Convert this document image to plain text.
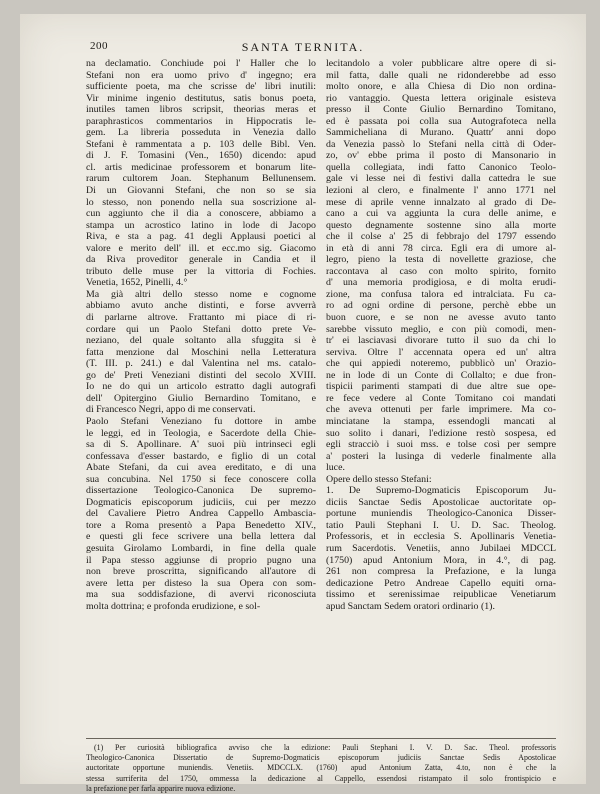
200	SANTA TERNITA.
na declamatio. Conchiude poi l' Haller che lo
Stefani non era uomo privo d' ingegno; era
sufficiente poeta, ma che scrisse de' libri inutili:
Vir minime ingenio destitutus, satis bonus poeta,
inutiles tamen libros scripsit, theorias meras et
paraphrasticos commentarios in Hippocratis le-
gem. La libreria posseduta in Venezia dallo
Stefani è rammentata a p. 103 delle Bibl. Ven.
di J. F. Tomasini (Ven., 1650) dicendo: apud
cl. artis medicinae professorem et bonarum lite-
rarum cultorem Joan. Stephanum Bellunensem.
Di un Giovanni Stefani, che non so se sia
lo stesso, non ponendo nella sua soscrizione al-
cun aggiunto che il dia a conoscere, abbiamo a
stampa un acrostico latino in lode di Jacopo
Riva, e sta a pag. 41 degli Applausi poetici al
valore e merito dell' ill. et ecc.mo sig. Giacomo
da Riva proveditor generale in Candia et il
tributo delle muse per la vittoria di Fochies.
Venetia, 1652, Pinelli, 4.°
Ma già altri dello stesso nome e cognome
abbiamo avuto anche distinti, e forse avverrà
di parlarne altrove. Frattanto mi piace di ri-
cordare qui un Paolo Stefani dotto prete Ve-
neziano, del quale soltanto alla sfuggita si è
fatta menzione dal Moschini nella Letteratura
(T. III. p. 241.) e dal Valentina nel ms. catalo-
go de' Preti Veneziani distinti del secolo XVIII.
Io ne do qui un articolo estratto dagli autografi
dell' Opitergino Giulio Bernardino Tomitano, e
di Francesco Negri, appo di me conservati.
Paolo Stefani Veneziano fu dottore in ambe
le leggi, ed in Teologia, e Sacerdote della Chie-
sa di S. Apollinare. A' suoi più intrinseci egli
confessava d'esser bastardo, e figlio di un cotal
Abate Stefani, da cui avea ereditato, e di una
sua concubina. Nel 1750 si fece conoscere colla
dissertazione Teologico-Canonica De supremo-
Dogmaticis episcoporum judiciis, cui per mezzo
del Cavaliere Pietro Andrea Cappello Ambascia-
tore a Roma presentò a Papa Benedetto XIV.,
e questi gli fece scrivere una bella lettera dal
gesuita Girolamo Lombardi, in fine della quale
il Papa stesso aggiunse di proprio pugno una
non breve proscritta, significando all'autore di
avere letta per disteso la sua Opera con som-
ma sua soddisfazione, di avervi riconosciuta
molta dottrina; e profonda erudizione, e sol-
lecitandolo a voler pubblicare altre opere di si-
mil fatta, dalle quali ne ridonderebbe ad esso
molto onore, e alla Chiesa di Dio non ordina-
rio vantaggio. Questa lettera originale esisteva
presso il Conte Giulio Bernardino Tomitano,
ed è passata poi colla sua Autografoteca nella
Sammicheliana di Murano. Quattr' anni dopo
da Venezia passò lo Stefani nella città di Oder-
zo, ov' ebbe prima il posto di Mansonario in
quella collegiata, indi fatto Canonico Teolo-
gale vi lesse nei dì festivi dalla cattedra le sue
lezioni al clero, e finalmente l' anno 1771 nel
mese di aprile venne innalzato al grado di De-
cano a cui va aggiunta la cura delle anime, e
questo degnamente sostenne sino alla morte
che il colse a' 25 di febbrajo del 1797 essendo
in età di anni 78 circa. Egli era di umore al-
legro, pieno la testa di novellette graziose, che
raccontava al caso con molto spirito, fornito
d' una memoria prodigiosa, e di molta erudi-
zione, ma confusa talora ed intralciata. Fu ca-
ro ad ogni ordine di persone, perchè ebbe un
buon cuore, e se non ne avesse avuto tanto
sarebbe vissuto meglio, e con più comodi, men-
tr' ei lasciavasi divorare tutto il suo da chi lo
serviva. Oltre l' accennata opera ed un' altra
che qui appiedi noteremo, pubblicò un' Orazio-
ne in lode di un Conte di Collalto; e due fron-
tispicii parimenti stampati di due altre sue ope-
re fece vedere al Conte Tomitano coi mandati
che aveva ottenuti per farle imprimere. Ma co-
minciatane la stampa, essendogli mancati al
suo solito i danari, l'edizione restò sospesa, ed
egli stracciò i suoi mss. e tolse così per sempre
a' posteri la lusinga di vederle finalmente alla
luce.
Opere dello stesso Stefani:
1. De Supremo-Dogmaticis Episcoporum Ju-
diciis Sanctae Sedis Apostolicae auctoritate op-
portune muniendis Theologico-Canonica Disser-
tatio Pauli Stephani I. U. D. Sac. Theolog.
Professoris, et in ecclesia S. Apollinaris Venetia-
rum Sacerdotis. Venetiis, anno Jubilaei MDCCL
(1750) apud Antonium Mora, in 4.°, di pag.
261 non compresa la Prefazione, e la lunga
dedicazione Petro Andreae Capello equiti orna-
tissimo et serenissimae reipublicae Venetiarum
apud Sanctam Sedem oratori ordinario (1).
(1) Per curiosità bibliografica avviso che la edizione: Pauli Stephani I. V. D. Sac. Theol. professoris
Theologico-Canonica Dissertatio de Supremo-Dogmaticis episcoporum judiciis Sanctae Sedis Apostolicae
auctoritate opportune muniendis. Venetiis. MDCCLX. (1760) apud Antonium Zatta, 4.to, non è che la
stessa surriferita del 1750, ommessa la dedicazione al Cappello, essendosi ristampato il solo frontispicio e
la prefazione per farla apparire nuova edizione.
